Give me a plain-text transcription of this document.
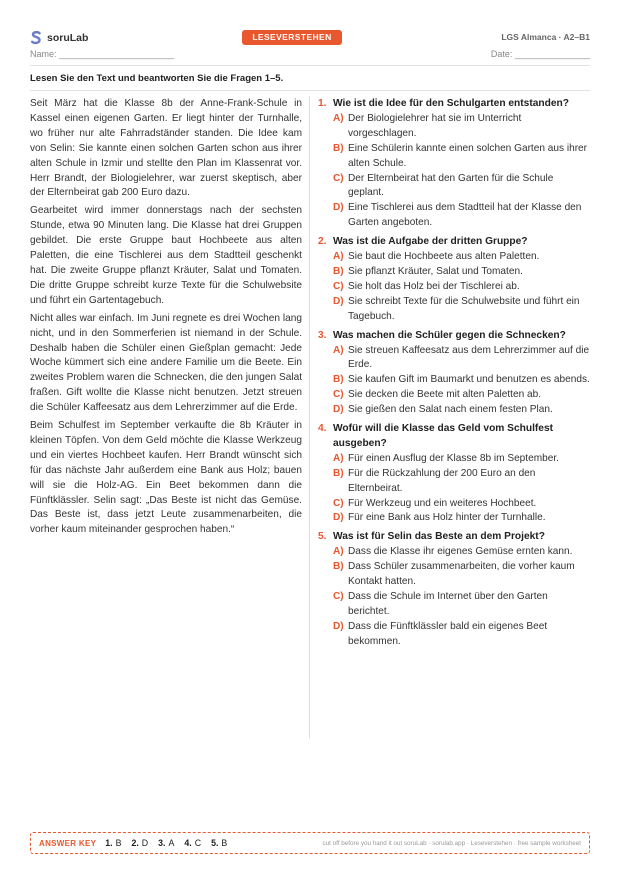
soruLab	LESEVERSTEHEN	LGS Almanca · A2–B1
Name: _______________________	Date: _______________
Lesen Sie den Text und beantworten Sie die Fragen 1–5.

Seit März hat die Klasse 8b der Anne-Frank-Schule in Kassel einen eigenen Garten. Er liegt hinter der Turnhalle, wo früher nur alte Fahrradständer standen. Die Idee kam von Selin: Sie kannte einen solchen Garten schon aus ihrer alten Schule in Izmir und stellte den Plan im Klassenrat vor. Herr Brandt, der Biologielehrer, war zuerst skeptisch, aber der Elternbeirat gab 200 Euro dazu.

Gearbeitet wird immer donnerstags nach der sechsten Stunde, etwa 90 Minuten lang. Die Klasse hat drei Gruppen gebildet. Die erste Gruppe baut Hochbeete aus alten Paletten, die eine Tischlerei aus dem Stadtteil geschenkt hat. Die zweite Gruppe pflanzt Kräuter, Salat und Tomaten. Die dritte Gruppe schreibt kurze Texte für die Schulwebsite und führt ein Gartentagebuch.

Nicht alles war einfach. Im Juni regnete es drei Wochen lang nicht, und in den Sommerferien ist niemand in der Schule. Deshalb haben die Schüler einen Gießplan gemacht: Jede Woche kümmert sich eine andere Familie um die Beete. Ein zweites Problem waren die Schnecken, die den jungen Salat fraßen. Gift wollte die Klasse nicht benutzen. Jetzt streuen die Schüler Kaffeesatz aus dem Lehrerzimmer auf die Erde.

Beim Schulfest im September verkaufte die 8b Kräuter in kleinen Töpfen. Von dem Geld möchte die Klasse Werkzeug und ein viertes Hochbeet kaufen. Herr Brandt wünscht sich für das nächste Jahr außerdem eine Bank aus Holz; bauen will sie die Holz-AG. Ein Beet bekommen dann die Fünftklässler. Selin sagt: „Das Beste ist nicht das Gemüse. Das Beste ist, dass jetzt Leute zusammenarbeiten, die vorher kaum miteinander gesprochen haben.“

1. Wie ist die Idee für den Schulgarten entstanden?
A) Der Biologielehrer hat sie im Unterricht vorgeschlagen.
B) Eine Schülerin kannte einen solchen Garten aus ihrer alten Schule.
C) Der Elternbeirat hat den Garten für die Schule geplant.
D) Eine Tischlerei aus dem Stadtteil hat der Klasse den Garten angeboten.
2. Was ist die Aufgabe der dritten Gruppe?
A) Sie baut die Hochbeete aus alten Paletten.
B) Sie pflanzt Kräuter, Salat und Tomaten.
C) Sie holt das Holz bei der Tischlerei ab.
D) Sie schreibt Texte für die Schulwebsite und führt ein Tagebuch.
3. Was machen die Schüler gegen die Schnecken?
A) Sie streuen Kaffeesatz aus dem Lehrerzimmer auf die Erde.
B) Sie kaufen Gift im Baumarkt und benutzen es abends.
C) Sie decken die Beete mit alten Paletten ab.
D) Sie gießen den Salat nach einem festen Plan.
4. Wofür will die Klasse das Geld vom Schulfest ausgeben?
A) Für einen Ausflug der Klasse 8b im September.
B) Für die Rückzahlung der 200 Euro an den Elternbeirat.
C) Für Werkzeug und ein weiteres Hochbeet.
D) Für eine Bank aus Holz hinter der Turnhalle.
5. Was ist für Selin das Beste an dem Projekt?
A) Dass die Klasse ihr eigenes Gemüse ernten kann.
B) Dass Schüler zusammenarbeiten, die vorher kaum Kontakt hatten.
C) Dass die Schule im Internet über den Garten berichtet.
D) Dass die Fünftklässler bald ein eigenes Beet bekommen.
ANSWER KEY 1. B 2. D 3. A 4. C 5. B	cut off before you hand it out soruLab · sorulab.app · Leseverstehen · free sample worksheet
